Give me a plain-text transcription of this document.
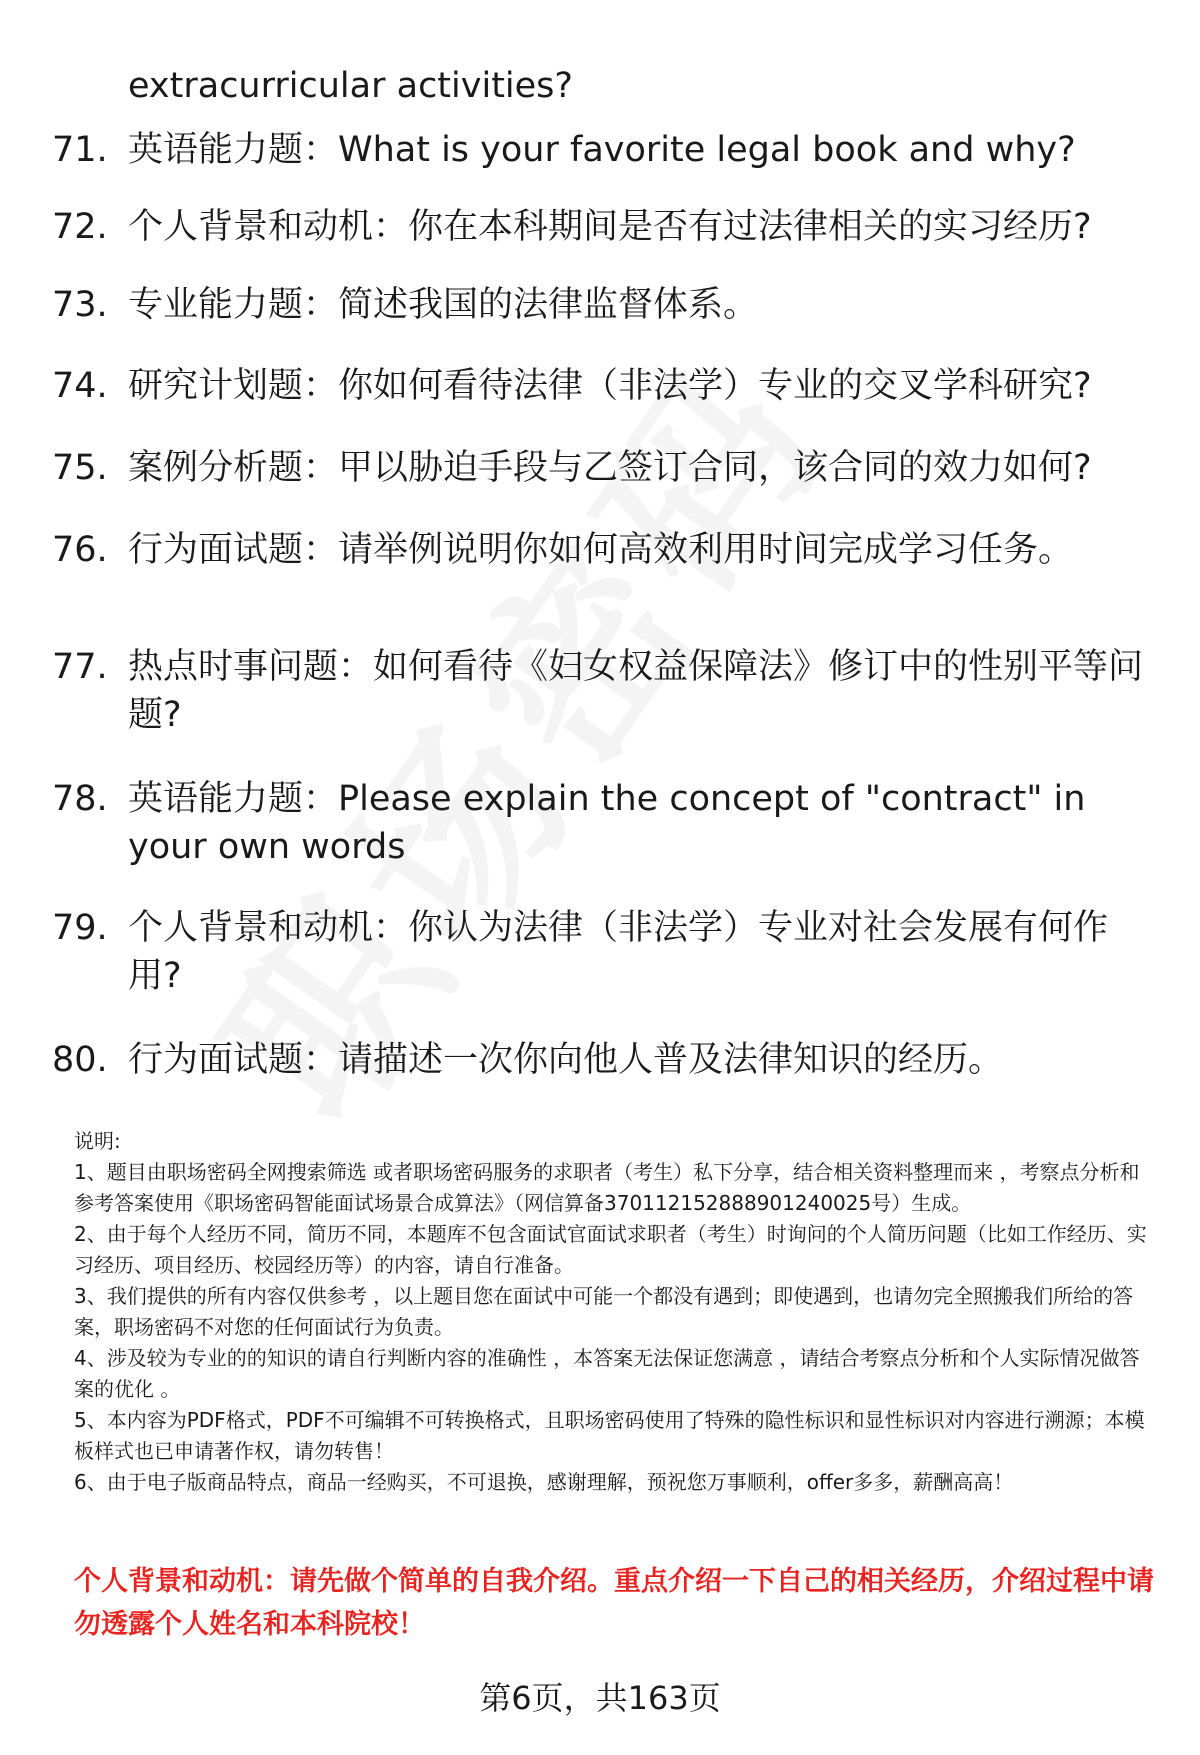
extracurricular activities?

71. 英语能力题：What is your favorite legal book and why?

72. 个人背景和动机：你在本科期间是否有过法律相关的实习经历?

73. 专业能力题：简述我国的法律监督体系。

74. 研究计划题：你如何看待法律（非法学）专业的交叉学科研究?

75. 案例分析题：甲以胁迫手段与乙签订合同，该合同的效力如何?

76. 行为面试题：请举例说明你如何高效利用时间完成学习任务。

77. 热点时事问题：如何看待《妇女权益保障法》修订中的性别平等问题?

78. 英语能力题：Please explain the concept of "contract" in your own words

79. 个人背景和动机：你认为法律（非法学）专业对社会发展有何作用?

80. 行为面试题：请描述一次你向他人普及法律知识的经历。

说明:

1、题目由职场密码全网搜索筛选 或者职场密码服务的求职者（考生）私下分享，结合相关资料整理而来 ，考察点分析和参考答案使用《职场密码智能面试场景合成算法》（网信算备370112152888901240025号）生成。

2、由于每个人经历不同，简历不同，本题库不包含面试官面试求职者（考生）时询问的个人简历问题（比如工作经历、实习经历、项目经历、校园经历等）的内容，请自行准备。

3、我们提供的所有内容仅供参考 ，以上题目您在面试中可能一个都没有遇到；即使遇到，也请勿完全照搬我们所给的答案，职场密码不对您的任何面试行为负责。

4、涉及较为专业的的知识的请自行判断内容的准确性 ，本答案无法保证您满意 ，请结合考察点分析和个人实际情况做答案的优化 。

5、本内容为PDF格式，PDF不可编辑不可转换格式，且职场密码使用了特殊的隐性标识和显性标识对内容进行溯源；本模板样式也已申请著作权，请勿转售！

6、由于电子版商品特点，商品一经购买，不可退换，感谢理解，预祝您万事顺利，offer多多，薪酬高高！

个人背景和动机：请先做个简单的自我介绍。重点介绍一下自己的相关经历，介绍过程中请勿透露个人姓名和本科院校！

第6页，共163页
